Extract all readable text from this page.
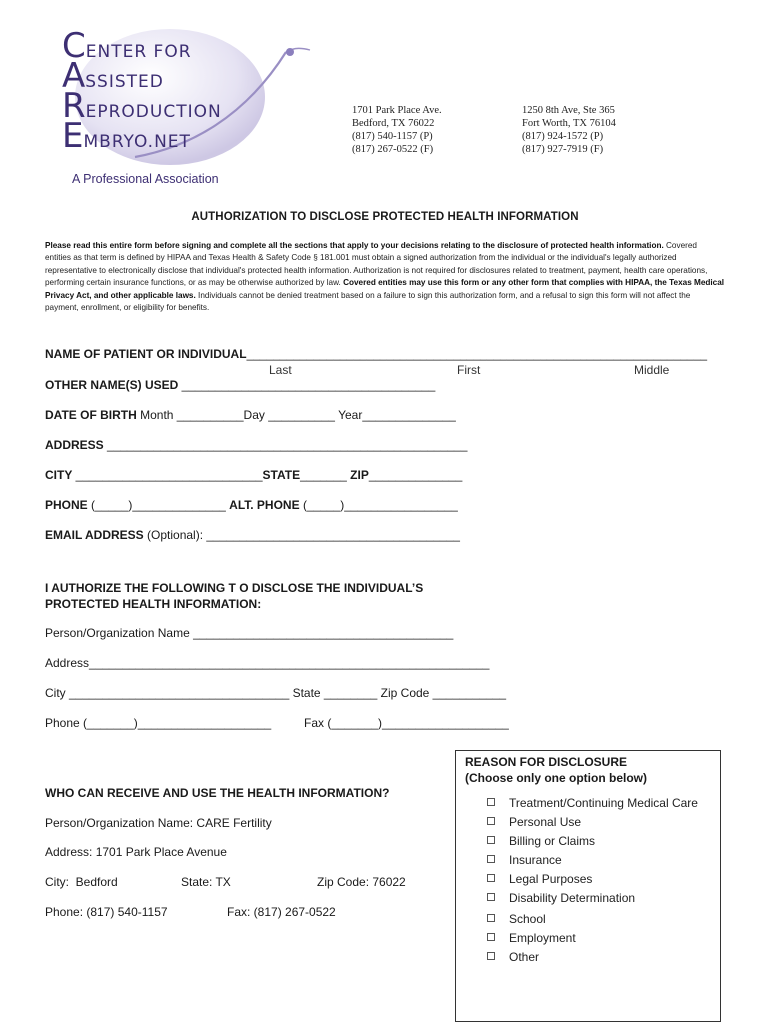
CENTER FOR
ASSISTED
REPRODUCTION
EMBRYO.NET
A Professional Association
1701 Park Place Ave.
Bedford, TX 76022
(817) 540-1157 (P)
(817) 267-0522 (F)
1250 8th Ave, Ste 365
Fort Worth, TX 76104
(817) 924-1572 (P)
(817) 927-7919 (F)
AUTHORIZATION TO DISCLOSE PROTECTED HEALTH INFORMATION
Please read this entire form before signing and complete all the sections that apply to your decisions relating to the disclosure of protected health information. Covered entities as that term is defined by HIPAA and Texas Health & Safety Code § 181.001 must obtain a signed authorization from the individual or the individual's legally authorized representative to electronically disclose that individual's protected health information. Authorization is not required for disclosures related to treatment, payment, health care operations, performing certain insurance functions, or as may be otherwise authorized by law. Covered entities may use this form or any other form that complies with HIPAA, the Texas Medical Privacy Act, and other applicable laws. Individuals cannot be denied treatment based on a failure to sign this authorization form, and a refusal to sign this form will not affect the payment, enrollment, or eligibility for benefits.
NAME OF PATIENT OR INDIVIDUAL_____________________________________________________________________
Last	First	Middle
OTHER NAME(S) USED ______________________________________
DATE OF BIRTH Month __________Day __________ Year______________
ADDRESS ______________________________________________________
CITY ____________________________STATE_______ ZIP______________
PHONE (_____)______________ ALT. PHONE (_____)_________________
EMAIL ADDRESS (Optional): ______________________________________
I AUTHORIZE THE FOLLOWING T O DISCLOSE THE INDIVIDUAL’S
PROTECTED HEALTH INFORMATION:
Person/Organization Name _______________________________________
Address____________________________________________________________
City _________________________________ State ________ Zip Code ___________
Phone (_______)____________________	Fax (_______)___________________
WHO CAN RECEIVE AND USE THE HEALTH INFORMATION?
Person/Organization Name: CARE Fertility
Address: 1701 Park Place Avenue
City:  Bedford	State: TX	Zip Code: 76022
Phone: (817) 540-1157	Fax: (817) 267-0522
REASON FOR DISCLOSURE
(Choose only one option below)
Treatment/Continuing Medical Care
Personal Use
Billing or Claims
Insurance
Legal Purposes
Disability Determination
School
Employment
Other
